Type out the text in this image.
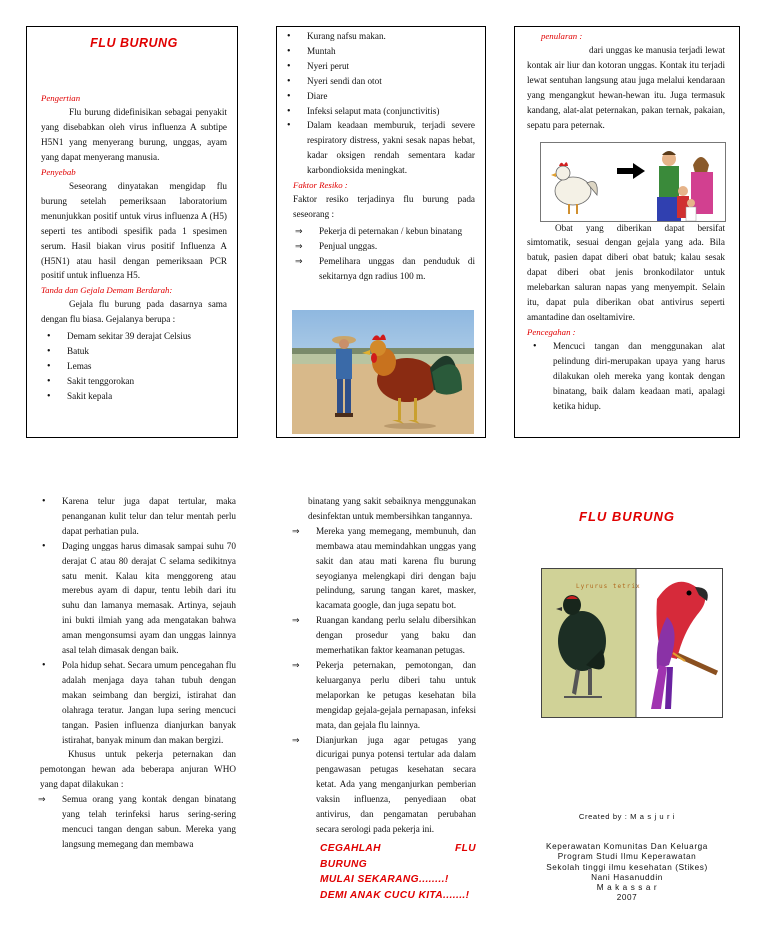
FLU BURUNG
Pengertian

Flu burung didefinisikan sebagai penyakit yang disebabkan oleh virus influenza A subtipe H5N1 yang menyerang burung, unggas, ayam yang dapat menyerang manusia.

Penyebab

Seseorang dinyatakan mengidap flu burung setelah pemeriksaan laboratorium menunjukkan positif untuk virus influenza A (H5) seperti tes antibodi spesifik pada 1 spesimen serum. Hasil biakan virus positif Influenza A (H5N1) atau hasil dengan pemeriksaan PCR positif untuk influenza H5.

Tanda dan Gejala Demam Berdarah:

Gejala flu burung pada dasarnya sama dengan flu biasa. Gejalanya berupa :

• Demam sekitar 39 derajat Celsius
• Batuk
• Lemas
• Sakit tenggorokan
• Sakit kepala
• Kurang nafsu makan.
• Muntah
• Nyeri perut
• Nyeri sendi dan otot
• Diare
• Infeksi selaput mata (conjunctivitis)
• Dalam keadaan memburuk, terjadi severe respiratory distress, yakni sesak napas hebat, kadar oksigen rendah sementara kadar karbondioksida meningkat.
Faktor Resiko :

Faktor resiko terjadinya flu burung pada seseorang :

⇒ Pekerja di peternakan / kebun binatang
⇒ Penjual unggas.
⇒ Pemelihara unggas dan penduduk di sekitarnya dgn radius 100 m.
penularan :

dari unggas ke manusia terjadi lewat kontak air liur dan kotoran unggas. Kontak itu terjadi lewat sentuhan langsung atau juga melalui kendaraan yang mengangkut hewan-hewan itu. Juga termasuk kandang, alat-alat peternakan, pakan ternak, pakaian, sepatu para peternak.

Obat yang diberikan dapat bersifat simtomatik, sesuai dengan gejala yang ada. Bila batuk, pasien dapat diberi obat batuk; kalau sesak dapat diberi obat jenis bronkodilator untuk melebarkan saluran napas yang menyempit. Selain itu, dapat pula diberikan obat antivirus seperti amantadine dan oseltamivire.

Pencegahan :
• Mencuci tangan dan menggunakan alat pelindung diri-merupakan upaya yang harus dilakukan oleh mereka yang kontak dengan binatang, baik dalam keadaan mati, apalagi ketika hidup.
• Karena telur juga dapat tertular, maka penanganan kulit telur dan telur mentah perlu dapat perhatian pula.
• Daging unggas harus dimasak sampai suhu 70 derajat C atau 80 derajat C selama sedikitnya satu menit. Kalau kita menggoreng atau merebus ayam di dapur, tentu lebih dari itu suhu dan lamanya memasak. Artinya, sejauh ini bukti ilmiah yang ada mengatakan bahwa aman mengonsumsi ayam dan unggas lainnya asal telah dimasak dengan baik.
• Pola hidup sehat. Secara umum pencegahan flu adalah menjaga daya tahan tubuh dengan makan seimbang dan bergizi, istirahat dan olahraga teratur. Jangan lupa sering mencuci tangan. Pasien influenza dianjurkan banyak istirahat, banyak minum dan makan bergizi.

Khusus untuk pekerja peternakan dan pemotongan hewan ada beberapa anjuran WHO yang dapat dilakukan :

⇒ Semua orang yang kontak dengan binatang yang telah terinfeksi harus sering-sering mencuci tangan dengan sabun. Mereka yang langsung memegang dan membawa

binatang yang sakit sebaiknya menggunakan desinfektan untuk membersihkan tangannya.

⇒ Mereka yang memegang, membunuh, dan membawa atau memindahkan unggas yang sakit dan atau mati karena flu burung seyogianya melengkapi diri dengan baju pelindung, sarung tangan karet, masker, kacamata google, dan juga sepatu bot.
⇒ Ruangan kandang perlu selalu dibersihkan dengan prosedur yang baku dan memerhatikan faktor keamanan petugas.
⇒ Pekerja peternakan, pemotongan, dan keluarganya perlu diberi tahu untuk melaporkan ke petugas kesehatan bila mengidap gejala-gejala pernapasan, infeksi mata, dan gejala flu lainnya.
⇒ Dianjurkan juga agar petugas yang dicurigai punya potensi tertular ada dalam pengawasan petugas kesehatan secara ketat. Ada yang menganjurkan pemberian vaksin influenza, penyediaan obat antivirus, dan pengamatan perubahan secara serologi pada pekerja ini.
CEGAHLAH FLU BURUNG
MULAI SEKARANG........!
DEMI ANAK CUCU KITA.......!
FLU BURUNG
Lyrurus tetrix
Created by : M a s j u r i
Keperawatan Komunitas Dan Keluarga
Program Studi Ilmu Keperawatan
Sekolah tinggi ilmu kesehatan (Stikes)
Nani Hasanuddin
M a k a s s a r
2007
